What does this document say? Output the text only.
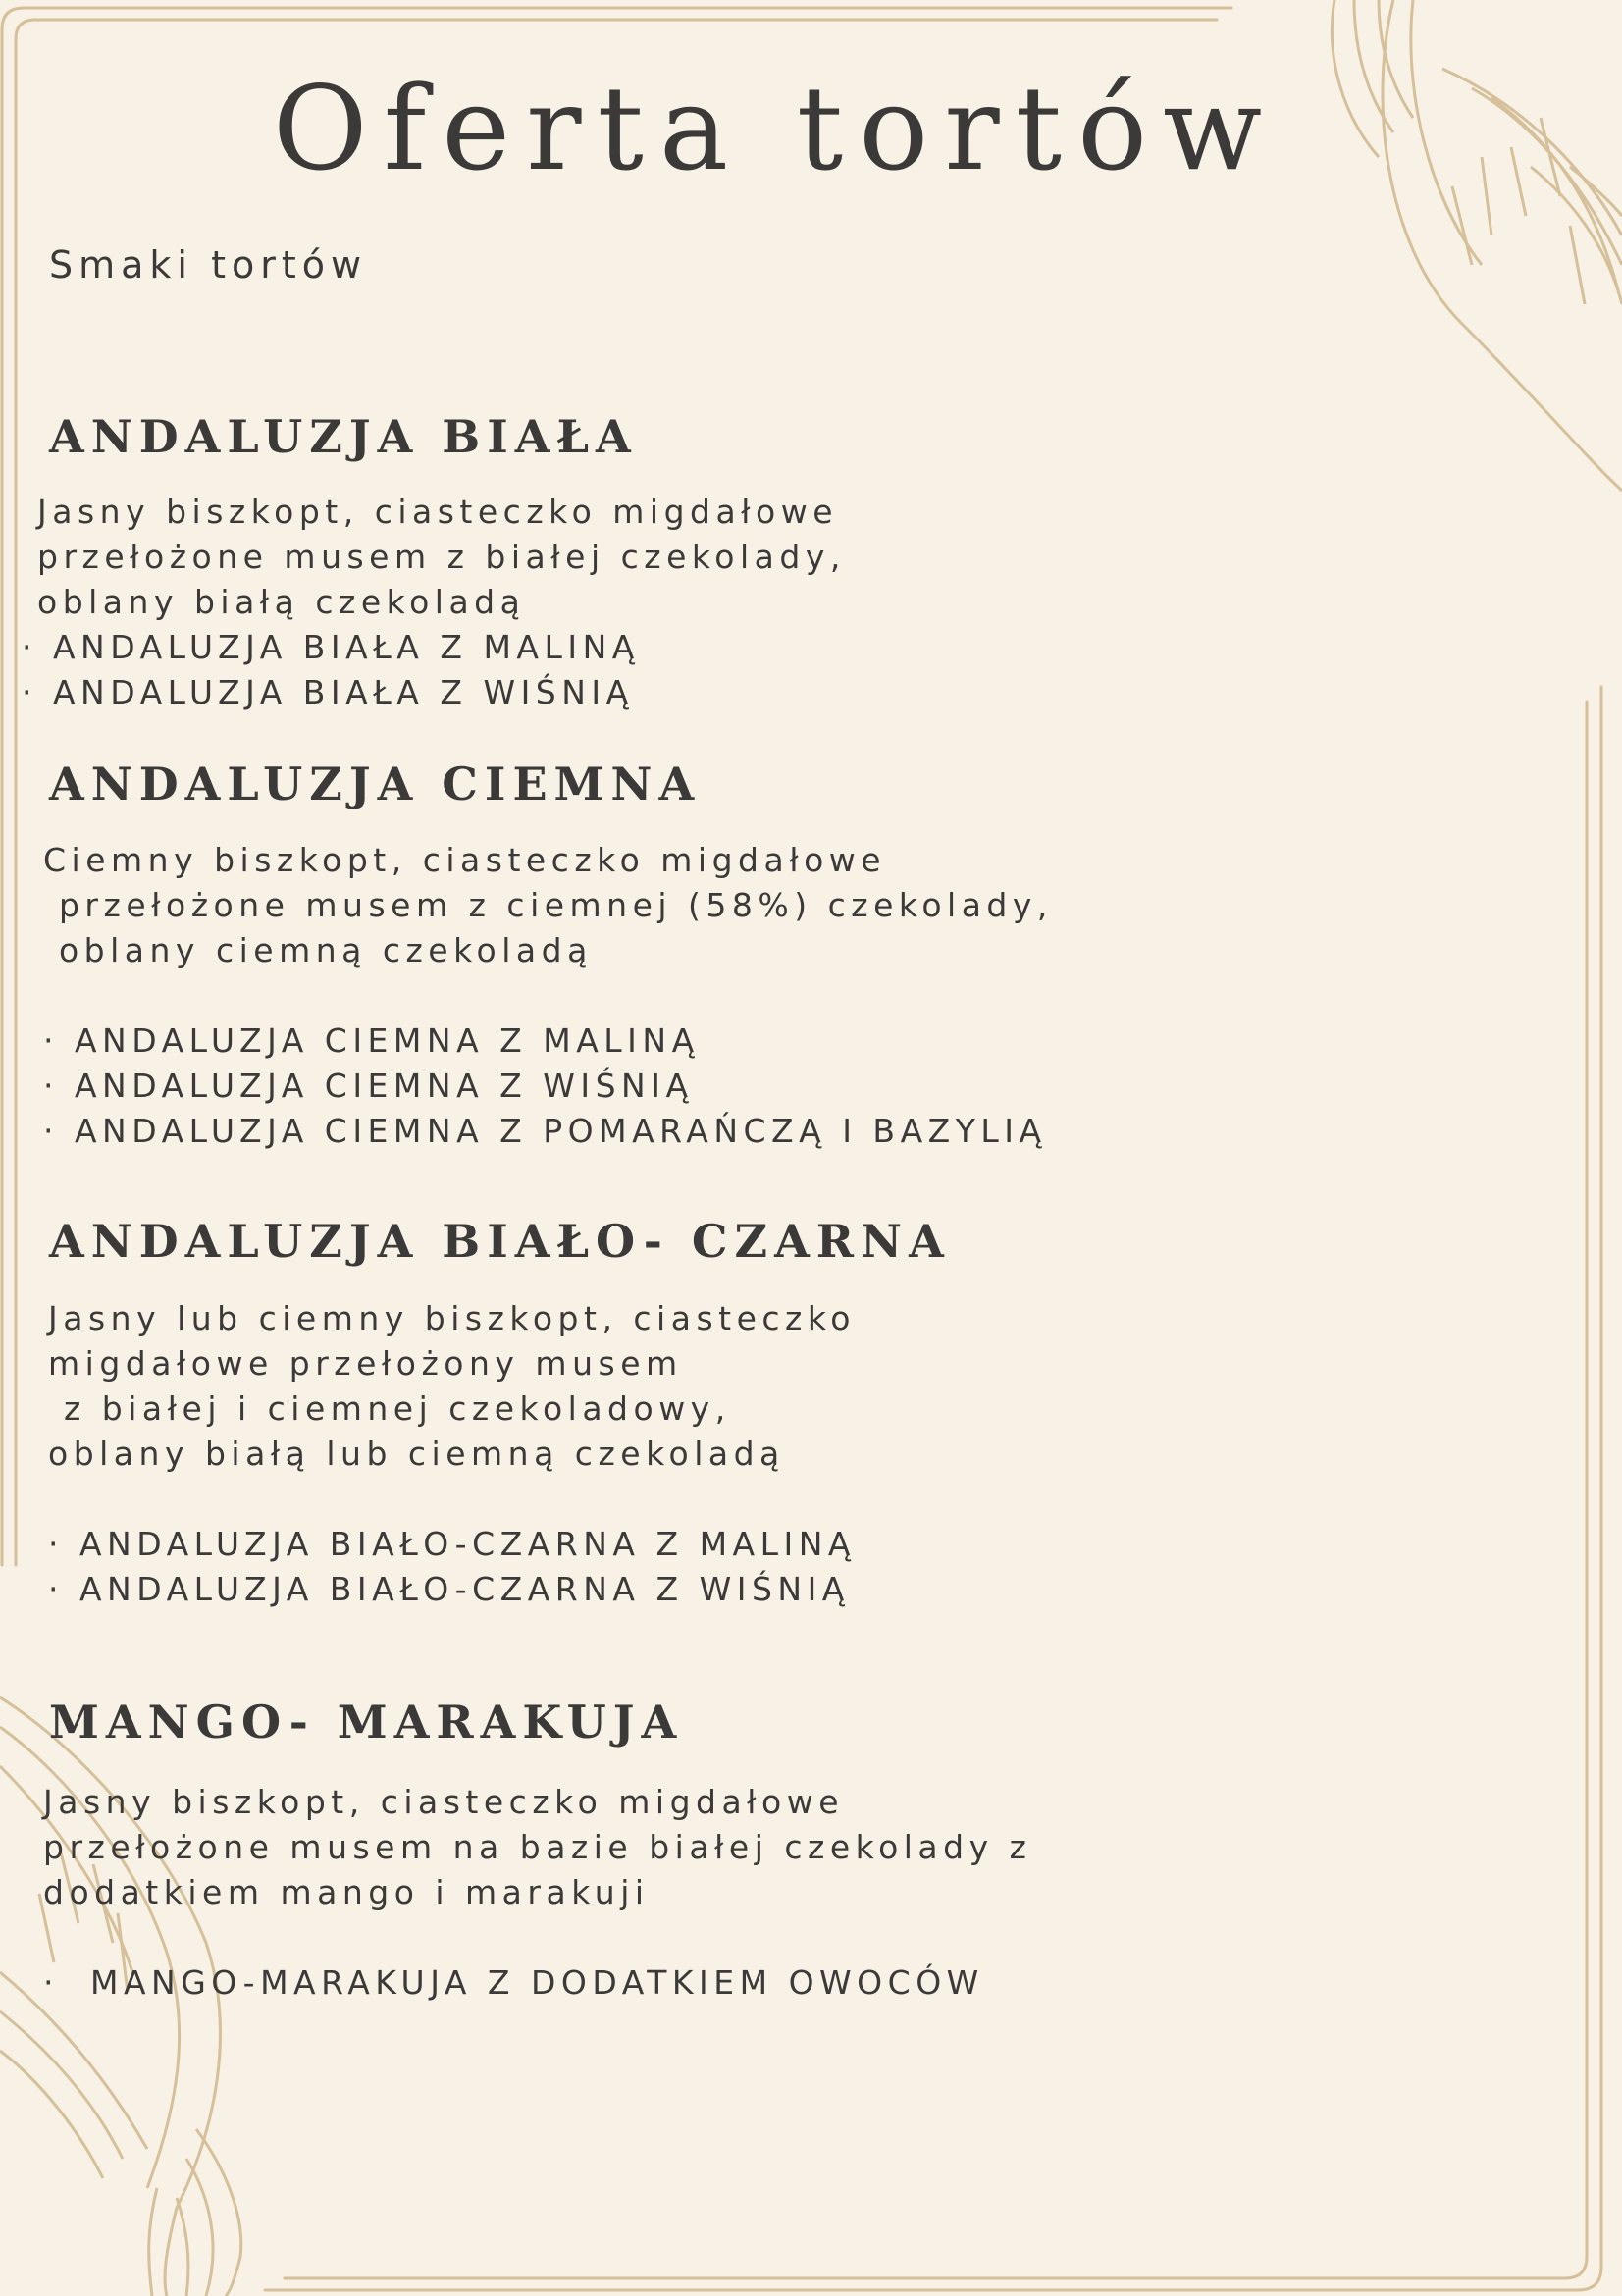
Oferta tortów

Smaki tortów

ANDALUZJA BIAŁA
Jasny biszkopt, ciasteczko migdałowe
przełożone musem z białej czekolady,
oblany białą czekoladą
· ANDALUZJA BIAŁA Z MALINĄ
· ANDALUZJA BIAŁA Z WIŚNIĄ
ANDALUZJA CIEMNA
Ciemny biszkopt, ciasteczko migdałowe
przełożone musem z ciemnej (58%) czekolady,
oblany ciemną czekoladą
· ANDALUZJA CIEMNA Z MALINĄ
· ANDALUZJA CIEMNA Z WIŚNIĄ
· ANDALUZJA CIEMNA Z POMARAŃCZĄ I BAZYLIĄ
ANDALUZJA BIAŁO- CZARNA
Jasny lub ciemny biszkopt, ciasteczko
migdałowe przełożony musem
z białej i ciemnej czekoladowy,
oblany białą lub ciemną czekoladą
· ANDALUZJA BIAŁO-CZARNA Z MALINĄ
· ANDALUZJA BIAŁO-CZARNA Z WIŚNIĄ
MANGO- MARAKUJA
Jasny biszkopt, ciasteczko migdałowe
przełożone musem na bazie białej czekolady z
dodatkiem mango i marakuji
·  MANGO-MARAKUJA Z DODATKIEM OWOCÓW
